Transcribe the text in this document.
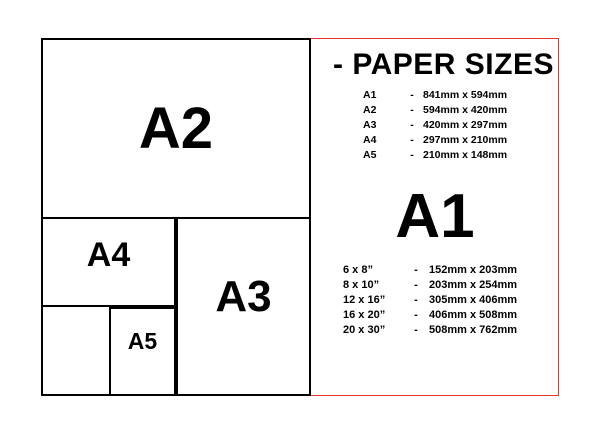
A2
A3
A4
A5
- PAPER SIZES
A1	-	841mm x 594mm
A2	-	594mm x 420mm
A3	-	420mm x 297mm
A4	-	297mm x 210mm
A5	-	210mm x 148mm
A1
6 x 8”	-	152mm x 203mm
8 x 10”	-	203mm x 254mm
12 x 16”	-	305mm x 406mm
16 x 20”	-	406mm x 508mm
20 x 30”	-	508mm x 762mm
